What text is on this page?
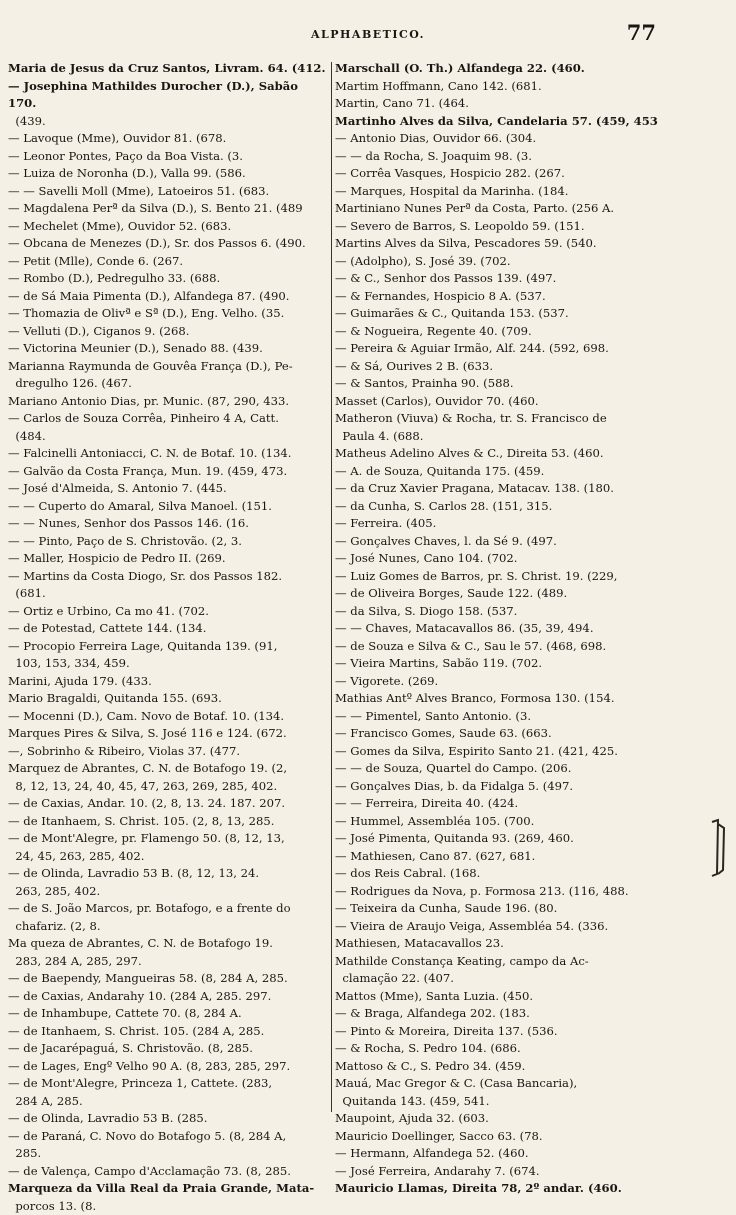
ALPHABETICO.	77

Maria de Jesus da Cruz Santos, Livram. 64. (412.

— Josephina Mathildes Durocher (D.), Sabão 170.

(439.

— Lavoque (Mme), Ouvidor 81. (678.

— Leonor Pontes, Paço da Boa Vista. (3.

— Luiza de Noronha (D.), Valla 99. (586.

— — Savelli Moll (Mme), Latoeiros 51. (683.

— Magdalena Perª da Silva (D.), S. Bento 21. (489

— Mechelet (Mme), Ouvidor 52. (683.

— Obcana de Menezes (D.), Sr. dos Passos 6. (490.

— Petit (Mlle), Conde 6. (267.

— Rombo (D.), Pedregulho 33. (688.

— de Sá Maia Pimenta (D.), Alfandega 87. (490.

— Thomazia de Olivª e Sª (D.), Eng. Velho. (35.

— Velluti (D.), Ciganos 9. (268.

— Victorina Meunier (D.), Senado 88. (439.

Marianna Raymunda de Gouvêa França (D.), Pe-

dregulho 126. (467.

Mariano Antonio Dias, pr. Munic. (87, 290, 433.

— Carlos de Souza Corrêa, Pinheiro 4 A, Catt.

(484.

— Falcinelli Antoniacci, C. N. de Botaf. 10. (134.

— Galvão da Costa França, Mun. 19. (459, 473.

— José d'Almeida, S. Antonio 7. (445.

— — Cuperto do Amaral, Silva Manoel. (151.

— — Nunes, Senhor dos Passos 146. (16.

— — Pinto, Paço de S. Christovão. (2, 3.

— Maller, Hospicio de Pedro II. (269.

— Martins da Costa Diogo, Sr. dos Passos 182.

(681.

— Ortiz e Urbino, Ca mo 41. (702.

— de Potestad, Cattete 144. (134.

— Procopio Ferreira Lage, Quitanda 139. (91,

103, 153, 334, 459.

Marini, Ajuda 179. (433.

Mario Bragaldi, Quitanda 155. (693.

— Mocenni (D.), Cam. Novo de Botaf. 10. (134.

Marques Pires & Silva, S. José 116 e 124. (672.

—, Sobrinho & Ribeiro, Violas 37. (477.

Marquez de Abrantes, C. N. de Botafogo 19. (2,

8, 12, 13, 24, 40, 45, 47, 263, 269, 285, 402.

— de Caxias, Andar. 10. (2, 8, 13. 24. 187. 207.

— de Itanhaem, S. Christ. 105. (2, 8, 13, 285.

— de Mont'Alegre, pr. Flamengo 50. (8, 12, 13,

24, 45, 263, 285, 402.

— de Olinda, Lavradio 53 B. (8, 12, 13, 24.

263, 285, 402.

— de S. João Marcos, pr. Botafogo, e a frente do

chafariz. (2, 8.

Ma queza de Abrantes, C. N. de Botafogo 19.

283, 284 A, 285, 297.

— de Baependy, Mangueiras 58. (8, 284 A, 285.

— de Caxias, Andarahy 10. (284 A, 285. 297.

— de Inhambupe, Cattete 70. (8, 284 A.

— de Itanhaem, S. Christ. 105. (284 A, 285.

— de Jacarépaguá, S. Christovão. (8, 285.

— de Lages, Engº Velho 90 A. (8, 283, 285, 297.

— de Mont'Alegre, Princeza 1, Cattete. (283,

284 A, 285.

— de Olinda, Lavradio 53 B. (285.

— de Paraná, C. Novo do Botafogo 5. (8, 284 A,

285.

— de Valença, Campo d'Acclamação 73. (8, 285.

Marqueza da Villa Real da Praia Grande, Mata-

porcos 13. (8.

Marschall (O. Th.) Alfandega 22. (460.

Martim Hoffmann, Cano 142. (681.

Martin, Cano 71. (464.

Martinho Alves da Silva, Candelaria 57. (459, 453

— Antonio Dias, Ouvidor 66. (304.

— — da Rocha, S. Joaquim 98. (3.

— Corrêa Vasques, Hospicio 282. (267.

— Marques, Hospital da Marinha. (184.

Martiniano Nunes Perª da Costa, Parto. (256 A.

— Severo de Barros, S. Leopoldo 59. (151.

Martins Alves da Silva, Pescadores 59. (540.

— (Adolpho), S. José 39. (702.

— & C., Senhor dos Passos 139. (497.

— & Fernandes, Hospicio 8 A. (537.

— Guimarães & C., Quitanda 153. (537.

— & Nogueira, Regente 40. (709.

— Pereira & Aguiar Irmão, Alf. 244. (592, 698.

— & Sá, Ourives 2 B. (633.

— & Santos, Prainha 90. (588.

Masset (Carlos), Ouvidor 70. (460.

Matheron (Viuva) & Rocha, tr. S. Francisco de

Paula 4. (688.

Matheus Adelino Alves & C., Direita 53. (460.

— A. de Souza, Quitanda 175. (459.

— da Cruz Xavier Pragana, Matacav. 138. (180.

— da Cunha, S. Carlos 28. (151, 315.

— Ferreira. (405.

— Gonçalves Chaves, l. da Sé 9. (497.

— José Nunes, Cano 104. (702.

— Luiz Gomes de Barros, pr. S. Christ. 19. (229,

— de Oliveira Borges, Saude 122. (489.

— da Silva, S. Diogo 158. (537.

— — Chaves, Matacavallos 86. (35, 39, 494.

— de Souza e Silva & C., Sau le 57. (468, 698.

— Vieira Martins, Sabão 119. (702.

— Vigorete. (269.

Mathias Antº Alves Branco, Formosa 130. (154.

— — Pimentel, Santo Antonio. (3.

— Francisco Gomes, Saude 63. (663.

— Gomes da Silva, Espirito Santo 21. (421, 425.

— — de Souza, Quartel do Campo. (206.

— Gonçalves Dias, b. da Fidalga 5. (497.

— — Ferreira, Direita 40. (424.

— Hummel, Assembléa 105. (700.

— José Pimenta, Quitanda 93. (269, 460.

— Mathiesen, Cano 87. (627, 681.

— dos Reis Cabral. (168.

— Rodrigues da Nova, p. Formosa 213. (116, 488.

— Teixeira da Cunha, Saude 196. (80.

— Vieira de Araujo Veiga, Assembléa 54. (336.

Mathiesen, Matacavallos 23.

Mathilde Constança Keating, campo da Ac-

clamação 22. (407.

Mattos (Mme), Santa Luzia. (450.

— & Braga, Alfandega 202. (183.

— Pinto & Moreira, Direita 137. (536.

— & Rocha, S. Pedro 104. (686.

Mattoso & C., S. Pedro 34. (459.

Mauá, Mac Gregor & C. (Casa Bancaria),

Quitanda 143. (459, 541.

Maupoint, Ajuda 32. (603.

Mauricio Doellinger, Sacco 63. (78.

— Hermann, Alfandega 52. (460.

— José Ferreira, Andarahy 7. (674.

Mauricio Llamas, Direita 78, 2º andar. (460.
